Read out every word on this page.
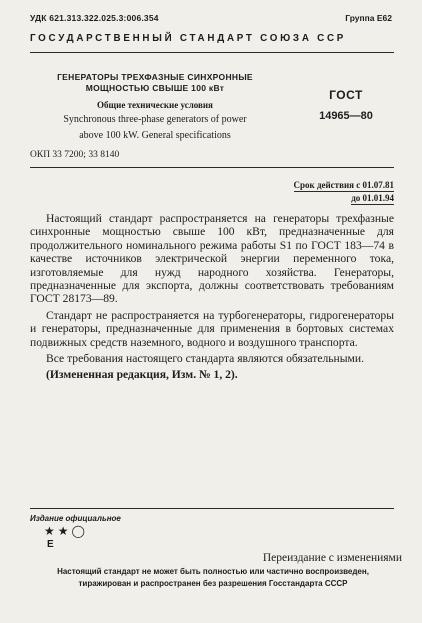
УДК 621.313.322.025.3:006.354	Группа Е62
ГОСУДАРСТВЕННЫЙ СТАНДАРТ СОЮЗА ССР
ГЕНЕРАТОРЫ ТРЕХФАЗНЫЕ СИНХРОННЫЕ
МОЩНОСТЬЮ СВЫШЕ 100 кВт
Общие технические условия
Synchronous three-phase generators of power
above 100 kW. General specifications
ГОСТ
14965—80
ОКП 33 7200; 33 8140
Срок действия с 01.07.81
до 01.01.94

Настоящий стандарт распространяется на генераторы трехфазные синхронные мощностью свыше 100 кВт, предназначенные для продолжительного номинального режима работы S1 по ГОСТ 183—74 в качестве источников электрической энергии переменного тока, изготовляемые для нужд народного хозяйства. Генераторы, предназначенные для экспорта, должны соответствовать требованиям ГОСТ 28173—89.

Стандарт не распространяется на турбогенераторы, гидрогенераторы и генераторы, предназначенные для применения в бортовых системах подвижных средств наземного, водного и воздушного транспорта.

Все требования настоящего стандарта являются обязательными.

(Измененная редакция, Изм. № 1, 2).

Издание официальное
★ ★ ◯
Е
Переиздание с изменениями
Настоящий стандарт не может быть полностью или частично воспроизведен,
тиражирован и распространен без разрешения Госстандарта СССР
